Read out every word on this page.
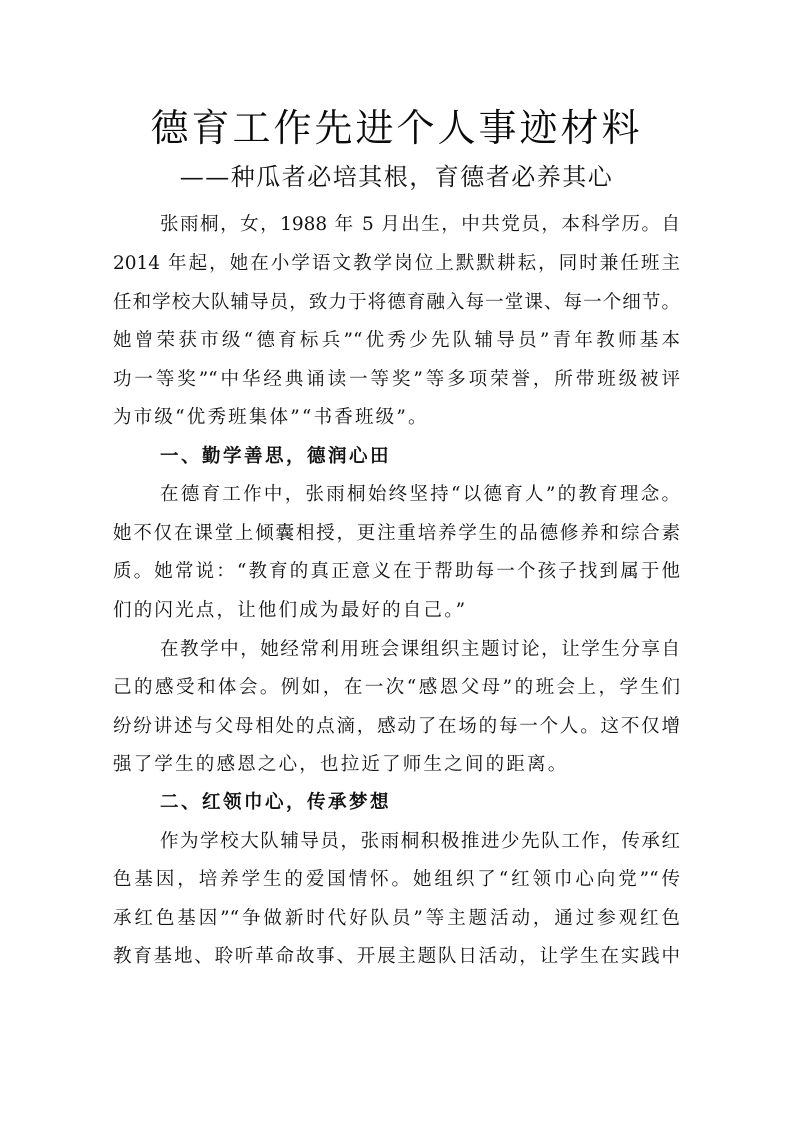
德育工作先进个人事迹材料
——种瓜者必培其根，育德者必养其心
张雨桐，女，1988 年 5 月出生，中共党员，本科学历。自
2014 年起，她在小学语文教学岗位上默默耕耘，同时兼任班主
任和学校大队辅导员，致力于将德育融入每一堂课、每一个细节。
她曾荣获市级“德育标兵”“优秀少先队辅导员”青年教师基本
功一等奖”“中华经典诵读一等奖”等多项荣誉，所带班级被评
为市级“优秀班集体”“书香班级”。
一、勤学善思，德润心田
在德育工作中，张雨桐始终坚持“以德育人”的教育理念。
她不仅在课堂上倾囊相授，更注重培养学生的品德修养和综合素
质。她常说：“教育的真正意义在于帮助每一个孩子找到属于他
们的闪光点，让他们成为最好的自己。”
在教学中，她经常利用班会课组织主题讨论，让学生分享自
己的感受和体会。例如，在一次“感恩父母”的班会上，学生们
纷纷讲述与父母相处的点滴，感动了在场的每一个人。这不仅增
强了学生的感恩之心，也拉近了师生之间的距离。
二、红领巾心，传承梦想
作为学校大队辅导员，张雨桐积极推进少先队工作，传承红
色基因，培养学生的爱国情怀。她组织了“红领巾心向党”“传
承红色基因”“争做新时代好队员”等主题活动，通过参观红色
教育基地、聆听革命故事、开展主题队日活动，让学生在实践中
